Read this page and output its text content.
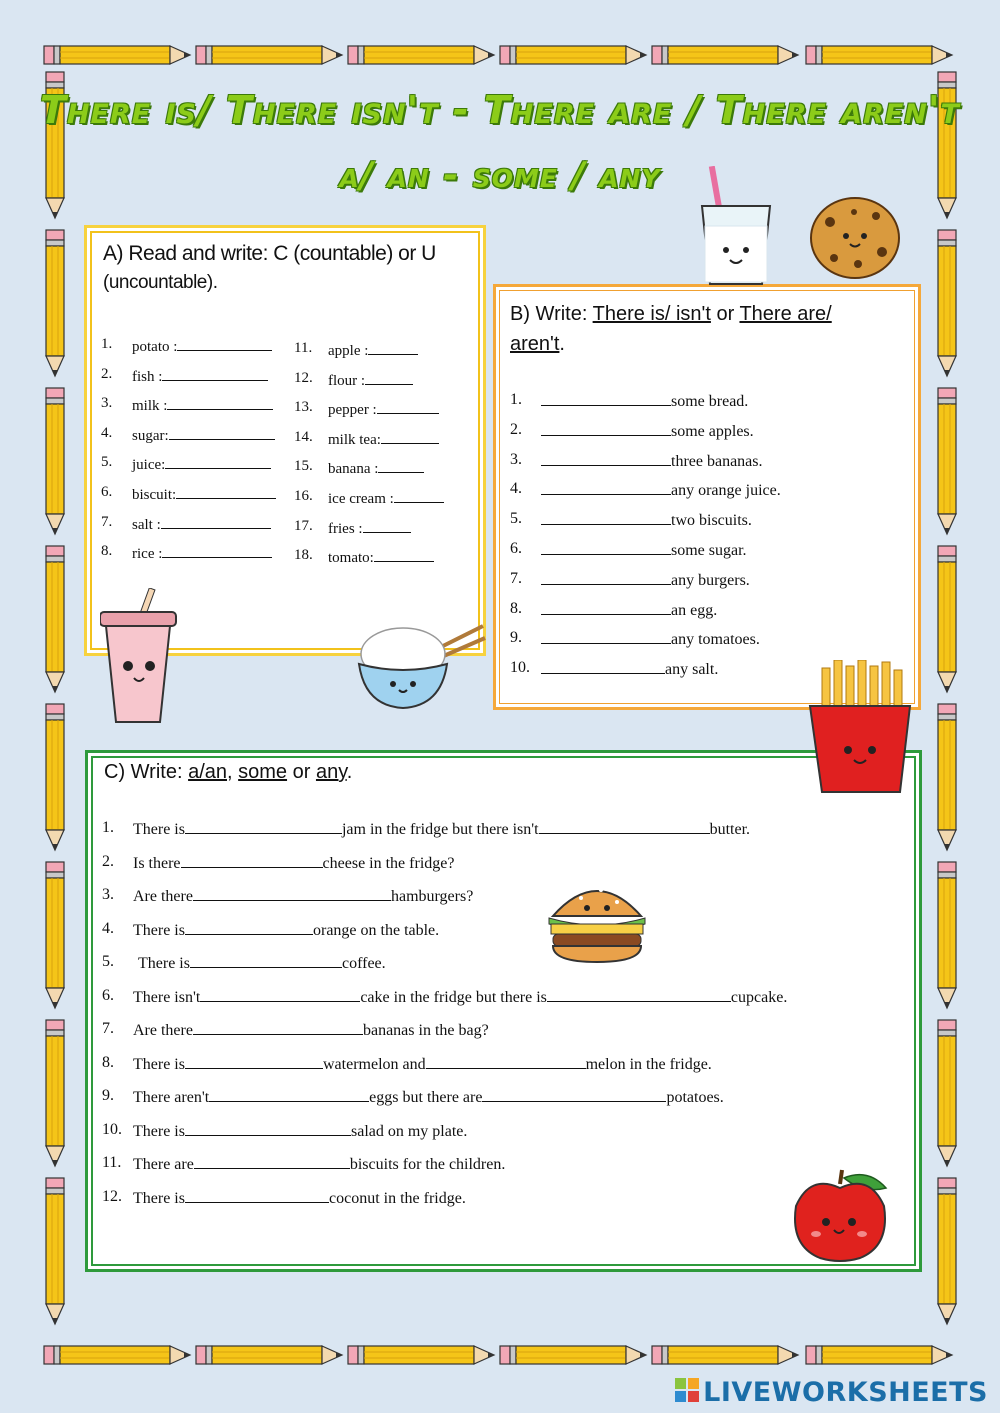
There is/ There isn't - There are / There aren't
a/ an - some / any
A) Read and write: C (countable) or U
(uncountable).
1. potato :
2. fish :
3. milk :
4. sugar:
5. juice:
6. biscuit:
7. salt :
8. rice :
11. apple :
12. flour :
13. pepper :
14. milk tea:
15. banana :
16. ice cream :
17. fries :
18. tomato:
B) Write: There is/ isn't or There are/
aren't.
1.	some bread.
2.	some apples.
3.	three bananas.
4.	any orange juice.
5.	two biscuits.
6.	some sugar.
7.	any burgers.
8.	an egg.
9.	any tomatoes.
10.	any salt.
C) Write: a/an, some or any.
1. There is	jam in the fridge but there isn't	butter.
2. Is there	cheese in the fridge?
3. Are there	hamburgers?
4. There is	orange on the table.
5.	There is	coffee.
6. There isn't	cake in the fridge but there is	cupcake.
7. Are there	bananas in the bag?
8. There is	watermelon and	melon in the fridge.
9. There aren't	eggs but there are	potatoes.
10. There is	salad on my plate.
11. There are	biscuits for the children.
12. There is	coconut in the fridge.
LIVEWORKSHEETS
